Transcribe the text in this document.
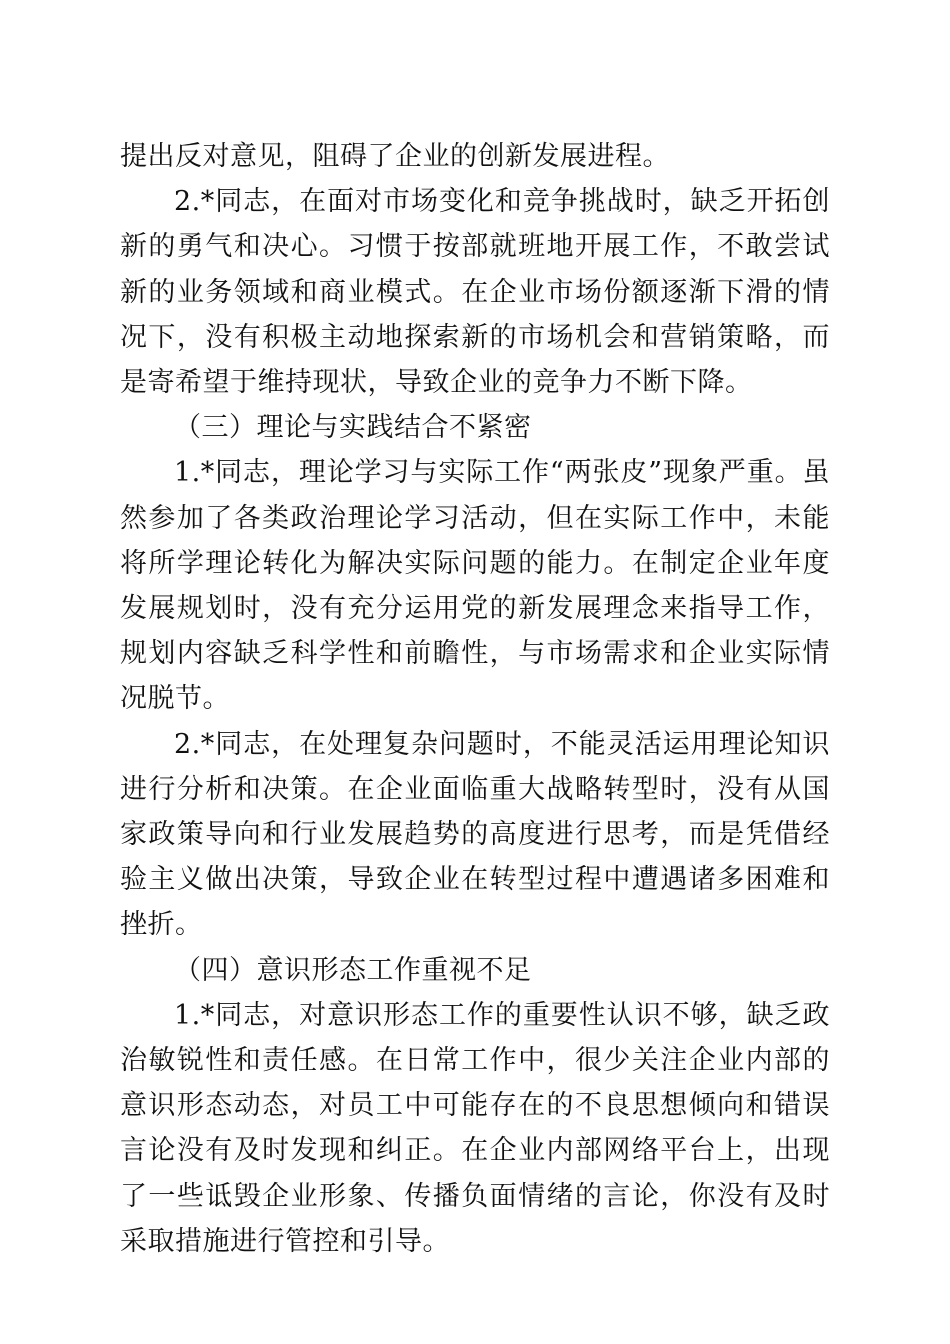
提出反对意见，阻碍了企业的创新发展进程。

2.*同志，在面对市场变化和竞争挑战时，缺乏开拓创新的勇气和决心。习惯于按部就班地开展工作，不敢尝试新的业务领域和商业模式。在企业市场份额逐渐下滑的情况下，没有积极主动地探索新的市场机会和营销策略，而是寄希望于维持现状，导致企业的竞争力不断下降。

（三）理论与实践结合不紧密

1.*同志，理论学习与实际工作“两张皮”现象严重。虽然参加了各类政治理论学习活动，但在实际工作中，未能将所学理论转化为解决实际问题的能力。在制定企业年度发展规划时，没有充分运用党的新发展理念来指导工作，规划内容缺乏科学性和前瞻性，与市场需求和企业实际情况脱节。

2.*同志，在处理复杂问题时，不能灵活运用理论知识进行分析和决策。在企业面临重大战略转型时，没有从国家政策导向和行业发展趋势的高度进行思考，而是凭借经验主义做出决策，导致企业在转型过程中遭遇诸多困难和挫折。

（四）意识形态工作重视不足

1.*同志，对意识形态工作的重要性认识不够，缺乏政治敏锐性和责任感。在日常工作中，很少关注企业内部的意识形态动态，对员工中可能存在的不良思想倾向和错误言论没有及时发现和纠正。在企业内部网络平台上，出现了一些诋毁企业形象、传播负面情绪的言论，你没有及时采取措施进行管控和引导。
